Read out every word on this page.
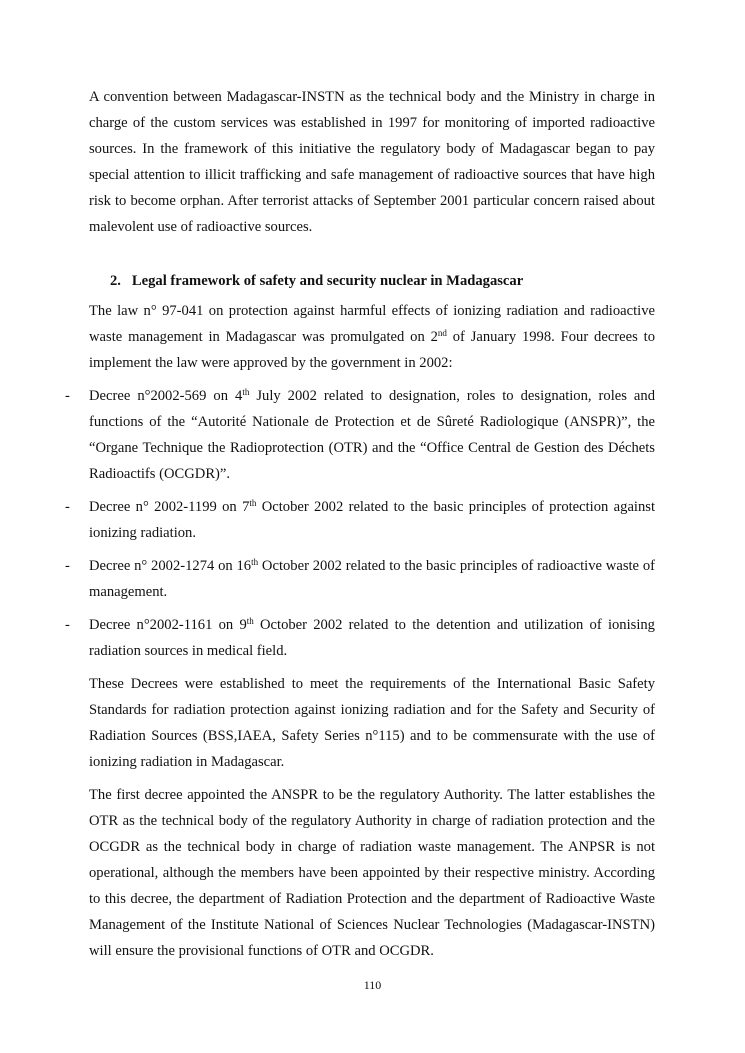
A convention between Madagascar-INSTN as the technical body and the Ministry in charge in charge of the custom services was established in 1997 for monitoring of imported radioactive sources. In the framework of this initiative the regulatory body of Madagascar began to pay special attention to illicit trafficking and safe management of radioactive sources that have high risk to become orphan. After terrorist attacks of September 2001 particular concern raised about malevolent use of radioactive sources.

2. Legal framework of safety and security nuclear in Madagascar

The law n° 97-041 on protection against harmful effects of ionizing radiation and radioactive waste management in Madagascar was promulgated on 2nd of January 1998. Four decrees to implement the law were approved by the government in 2002:

- Decree n°2002-569 on 4th July 2002 related to designation, roles to designation, roles and functions of the “Autorité Nationale de Protection et de Sûreté Radiologique (ANSPR)”, the “Organe Technique the Radioprotection (OTR) and the “Office Central de Gestion des Déchets Radioactifs (OCGDR)”.

- Decree n° 2002-1199 on 7th October 2002 related to the basic principles of protection against ionizing radiation.

- Decree n° 2002-1274 on 16th October 2002 related to the basic principles of radioactive waste of management.

- Decree n°2002-1161 on 9th October 2002 related to the detention and utilization of ionising radiation sources in medical field.

These Decrees were established to meet the requirements of the International Basic Safety Standards for radiation protection against ionizing radiation and for the Safety and Security of Radiation Sources (BSS,IAEA, Safety Series n°115) and to be commensurate with the use of ionizing radiation in Madagascar.

The first decree appointed the ANSPR to be the regulatory Authority. The latter establishes the OTR as the technical body of the regulatory Authority in charge of radiation protection and the OCGDR as the technical body in charge of radiation waste management. The ANPSR is not operational, although the members have been appointed by their respective ministry. According to this decree, the department of Radiation Protection and the department of Radioactive Waste Management of the Institute National of Sciences Nuclear Technologies (Madagascar-INSTN) will ensure the provisional functions of OTR and OCGDR.

110
